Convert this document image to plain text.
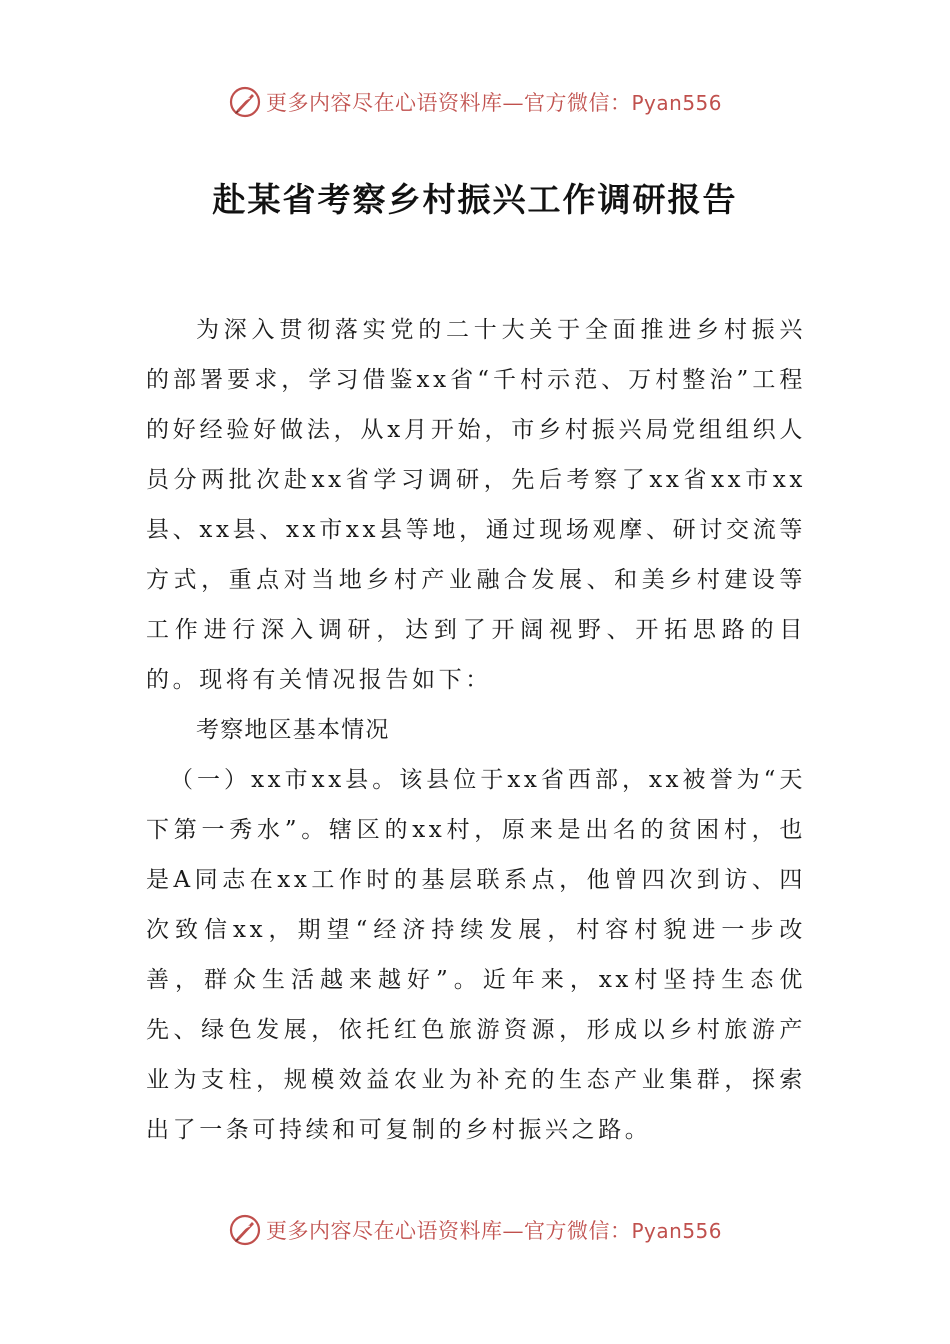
更多内容尽在心语资料库—官方微信：Pyan556
赴某省考察乡村振兴工作调研报告

为深入贯彻落实党的二十大关于全面推进乡村振兴的部署要求，学习借鉴xx省“千村示范、万村整治”工程的好经验好做法，从x月开始，市乡村振兴局党组组织人员分两批次赴xx省学习调研，先后考察了xx省xx市xx县、xx县、xx市xx县等地，通过现场观摩、研讨交流等方式，重点对当地乡村产业融合发展、和美乡村建设等工作进行深入调研，达到了开阔视野、开拓思路的目的。现将有关情况报告如下：

考察地区基本情况

（一）xx市xx县。该县位于xx省西部，xx被誉为“天下第一秀水”。辖区的xx村，原来是出名的贫困村，也是A同志在xx工作时的基层联系点，他曾四次到访、四次致信xx，期望“经济持续发展，村容村貌进一步改善，群众生活越来越好”。近年来，xx村坚持生态优先、绿色发展，依托红色旅游资源，形成以乡村旅游产业为支柱，规模效益农业为补充的生态产业集群，探索出了一条可持续和可复制的乡村振兴之路。

更多内容尽在心语资料库—官方微信：Pyan556
